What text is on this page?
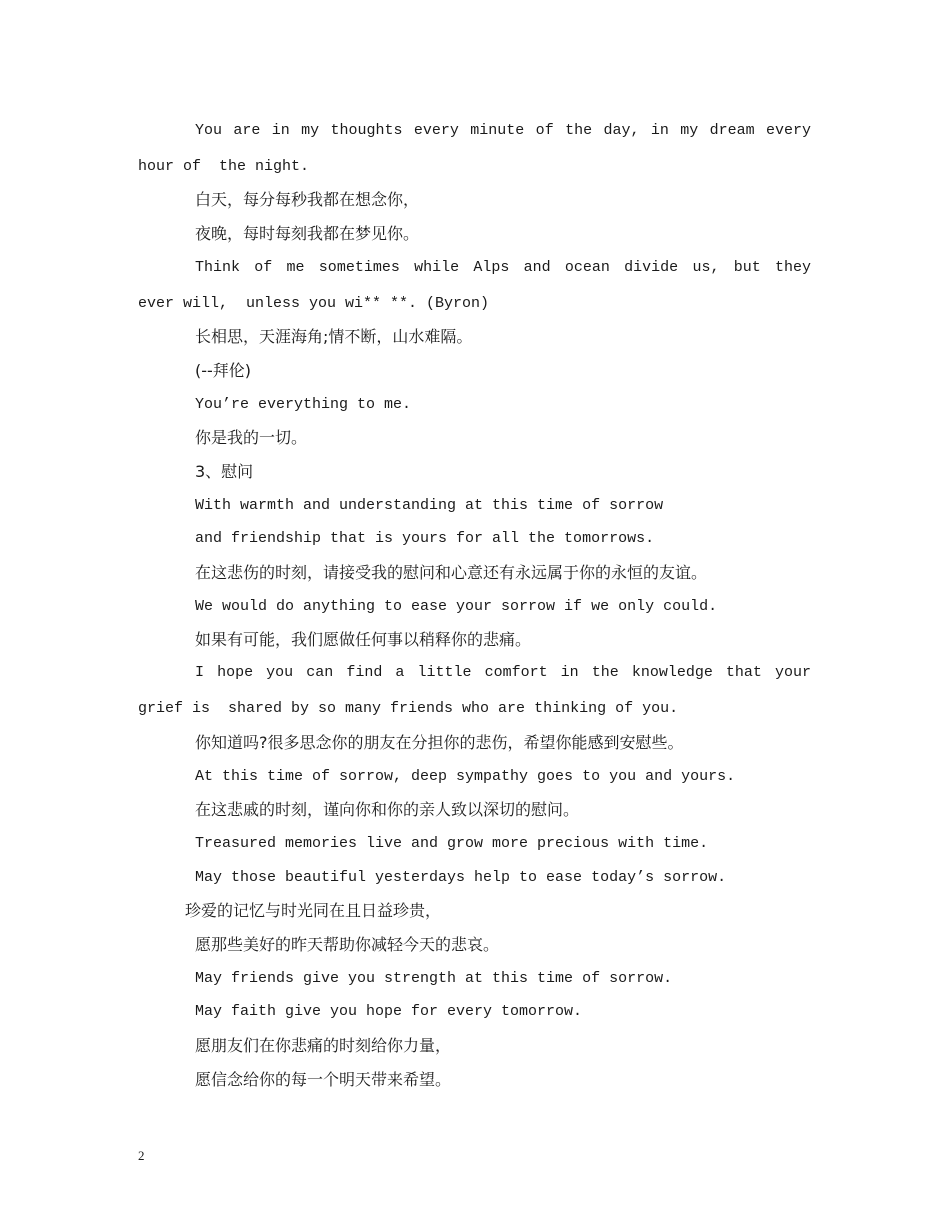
You are in my thoughts every minute of the day, in my dream every
hour of  the night.
白天，每分每秒我都在想念你，
夜晚，每时每刻我都在梦见你。
Think of me sometimes while Alps and ocean divide us, but they
ever will,  unless you wi** **. (Byron)
长相思，天涯海角;情不断，山水难隔。
(--拜伦)
You’re everything to me.
你是我的一切。
3、慰问
With warmth and understanding at this time of sorrow
and friendship that is yours for all the tomorrows.
在这悲伤的时刻，请接受我的慰问和心意还有永远属于你的永恒的友谊。
We would do anything to ease your sorrow if we only could.
如果有可能，我们愿做任何事以稍释你的悲痛。
I hope you can find a little comfort in the knowledge that your
grief is  shared by so many friends who are thinking of you.
你知道吗?很多思念你的朋友在分担你的悲伤，希望你能感到安慰些。
At this time of sorrow, deep sympathy goes to you and yours.
在这悲戚的时刻，谨向你和你的亲人致以深切的慰问。
Treasured memories live and grow more precious with time.
May those beautiful yesterdays help to ease today’s sorrow.
珍爱的记忆与时光同在且日益珍贵，
愿那些美好的昨天帮助你减轻今天的悲哀。
May friends give you strength at this time of sorrow.
May faith give you hope for every tomorrow.
愿朋友们在你悲痛的时刻给你力量，
愿信念给你的每一个明天带来希望。
2
